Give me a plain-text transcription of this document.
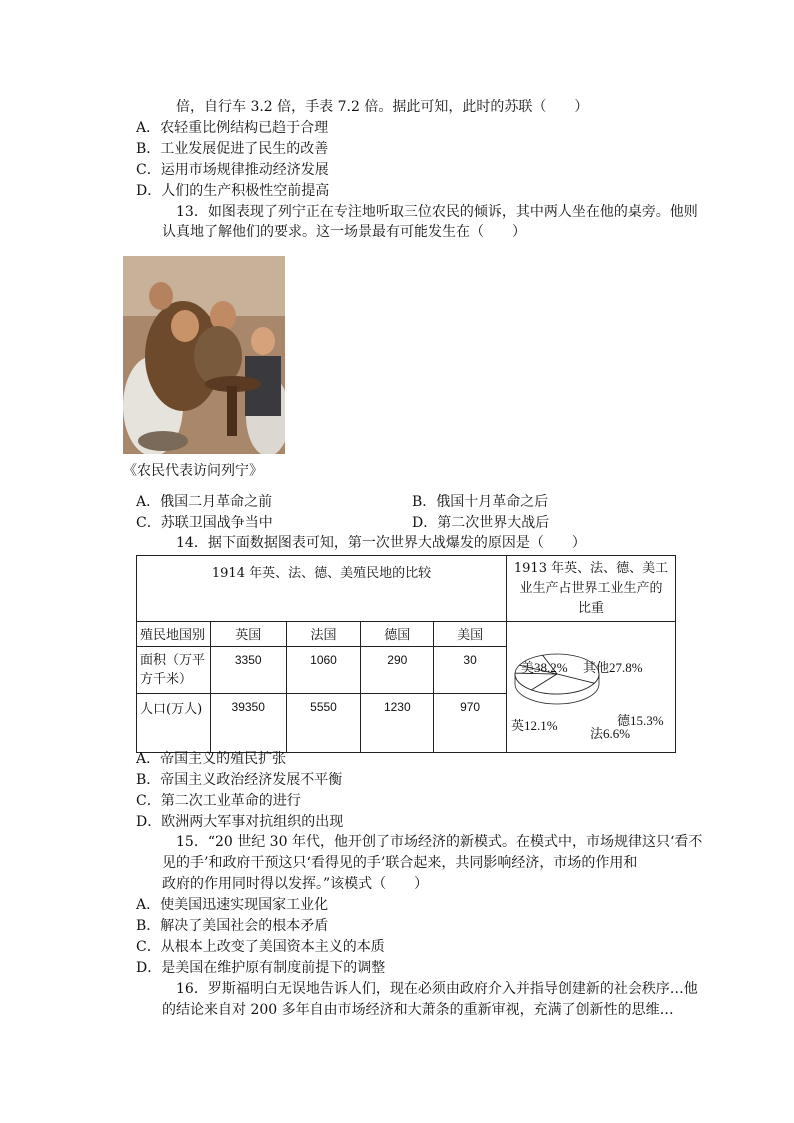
倍，自行车 3.2 倍，手表 7.2 倍。据此可知，此时的苏联（　　）
A．农轻重比例结构已趋于合理
B．工业发展促进了民生的改善
C．运用市场规律推动经济发展
D．人们的生产积极性空前提高
13．如图表现了列宁正在专注地听取三位农民的倾诉，其中两人坐在他的桌旁。他则
认真地了解他们的要求。这一场景最有可能发生在（　　）
《农民代表访问列宁》
A．俄国二月革命之前	B．俄国十月革命之后
C．苏联卫国战争当中	D．第二次世界大战后
14．据下面数据图表可知，第一次世界大战爆发的原因是（　　）
1914 年英、法、德、美殖民地的比较					1913 年英、法、德、美工
业生产占世界工业生产的
比重

殖民地国别	英国	法国	德国	美国	美38.2% 其他27.8%
德15.3%
法6.6%
英12.1%

面积（万平
方千米）	3350	1060	290	30	
人口(万人)	39350	5550	1230	970	
A．帝国主义的殖民扩张
B．帝国主义政治经济发展不平衡
C．第二次工业革命的进行
D．欧洲两大军事对抗组织的出现
15．“20 世纪 30 年代，他开创了市场经济的新模式。在模式中，市场规律这只‘看不
见的手’和政府干预这只‘看得见的手’联合起来，共同影响经济，市场的作用和
政府的作用同时得以发挥。”该模式（　　）
A．使美国迅速实现国家工业化
B．解决了美国社会的根本矛盾
C．从根本上改变了美国资本主义的本质
D．是美国在维护原有制度前提下的调整
16．罗斯福明白无误地告诉人们，现在必须由政府介入并指导创建新的社会秩序…他
的结论来自对 200 多年自由市场经济和大萧条的重新审视，充满了创新性的思维…
